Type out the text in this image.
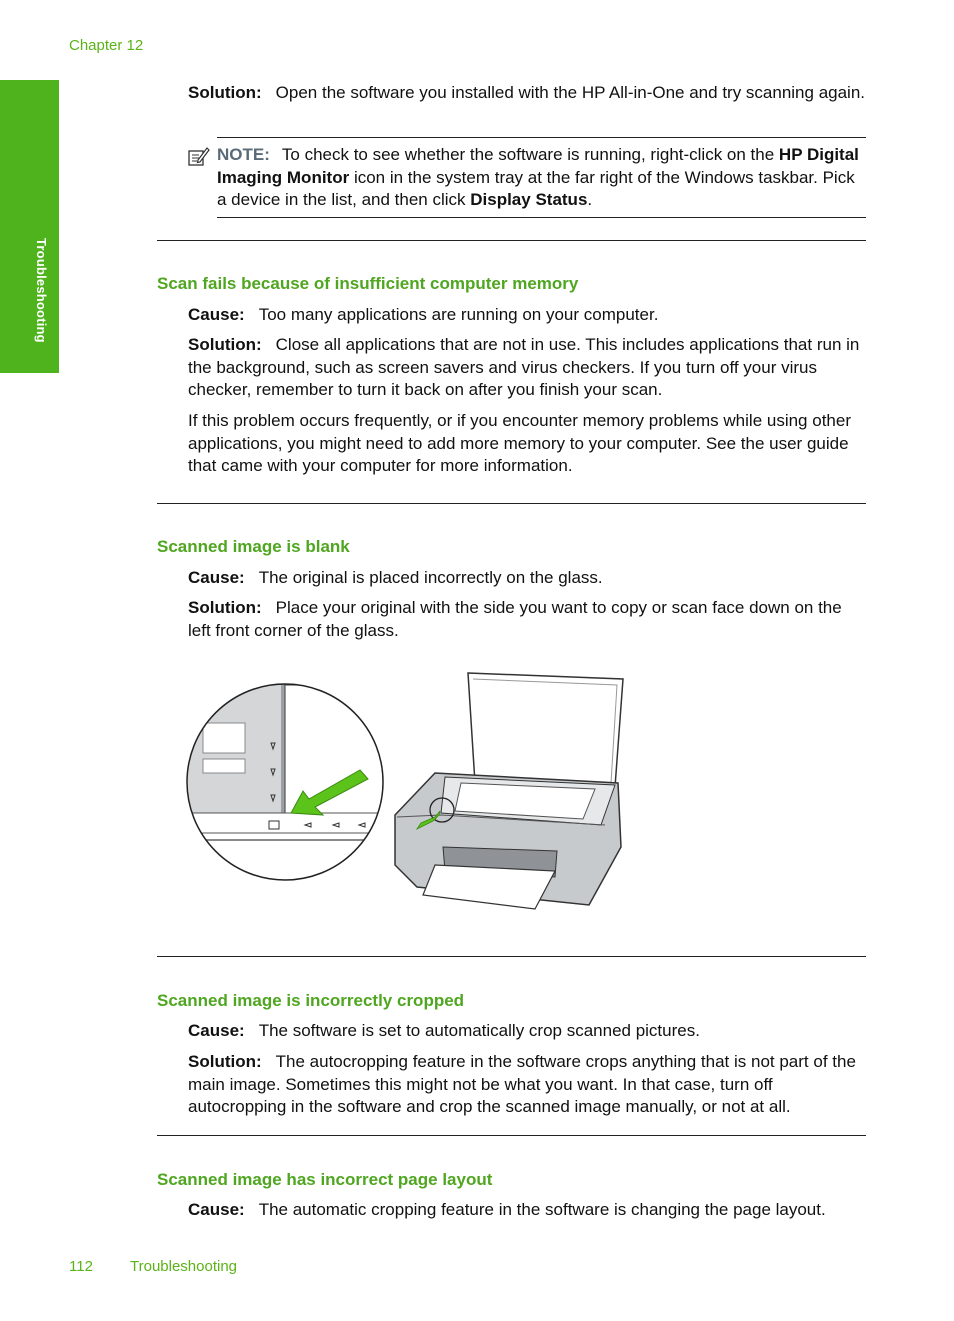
Chapter 12
Troubleshooting
Solution: Open the software you installed with the HP All-in-One and try scanning again.
NOTE: To check to see whether the software is running, right-click on the HP Digital Imaging Monitor icon in the system tray at the far right of the Windows taskbar. Pick a device in the list, and then click Display Status.
Scan fails because of insufficient computer memory
Cause: Too many applications are running on your computer.
Solution: Close all applications that are not in use. This includes applications that run in the background, such as screen savers and virus checkers. If you turn off your virus checker, remember to turn it back on after you finish your scan.
If this problem occurs frequently, or if you encounter memory problems while using other applications, you might need to add more memory to your computer. See the user guide that came with your computer for more information.
Scanned image is blank
Cause: The original is placed incorrectly on the glass.
Solution: Place your original with the side you want to copy or scan face down on the left front corner of the glass.
Scanned image is incorrectly cropped
Cause: The software is set to automatically crop scanned pictures.
Solution: The autocropping feature in the software crops anything that is not part of the main image. Sometimes this might not be what you want. In that case, turn off autocropping in the software and crop the scanned image manually, or not at all.
Scanned image has incorrect page layout
Cause: The automatic cropping feature in the software is changing the page layout.
112 Troubleshooting
